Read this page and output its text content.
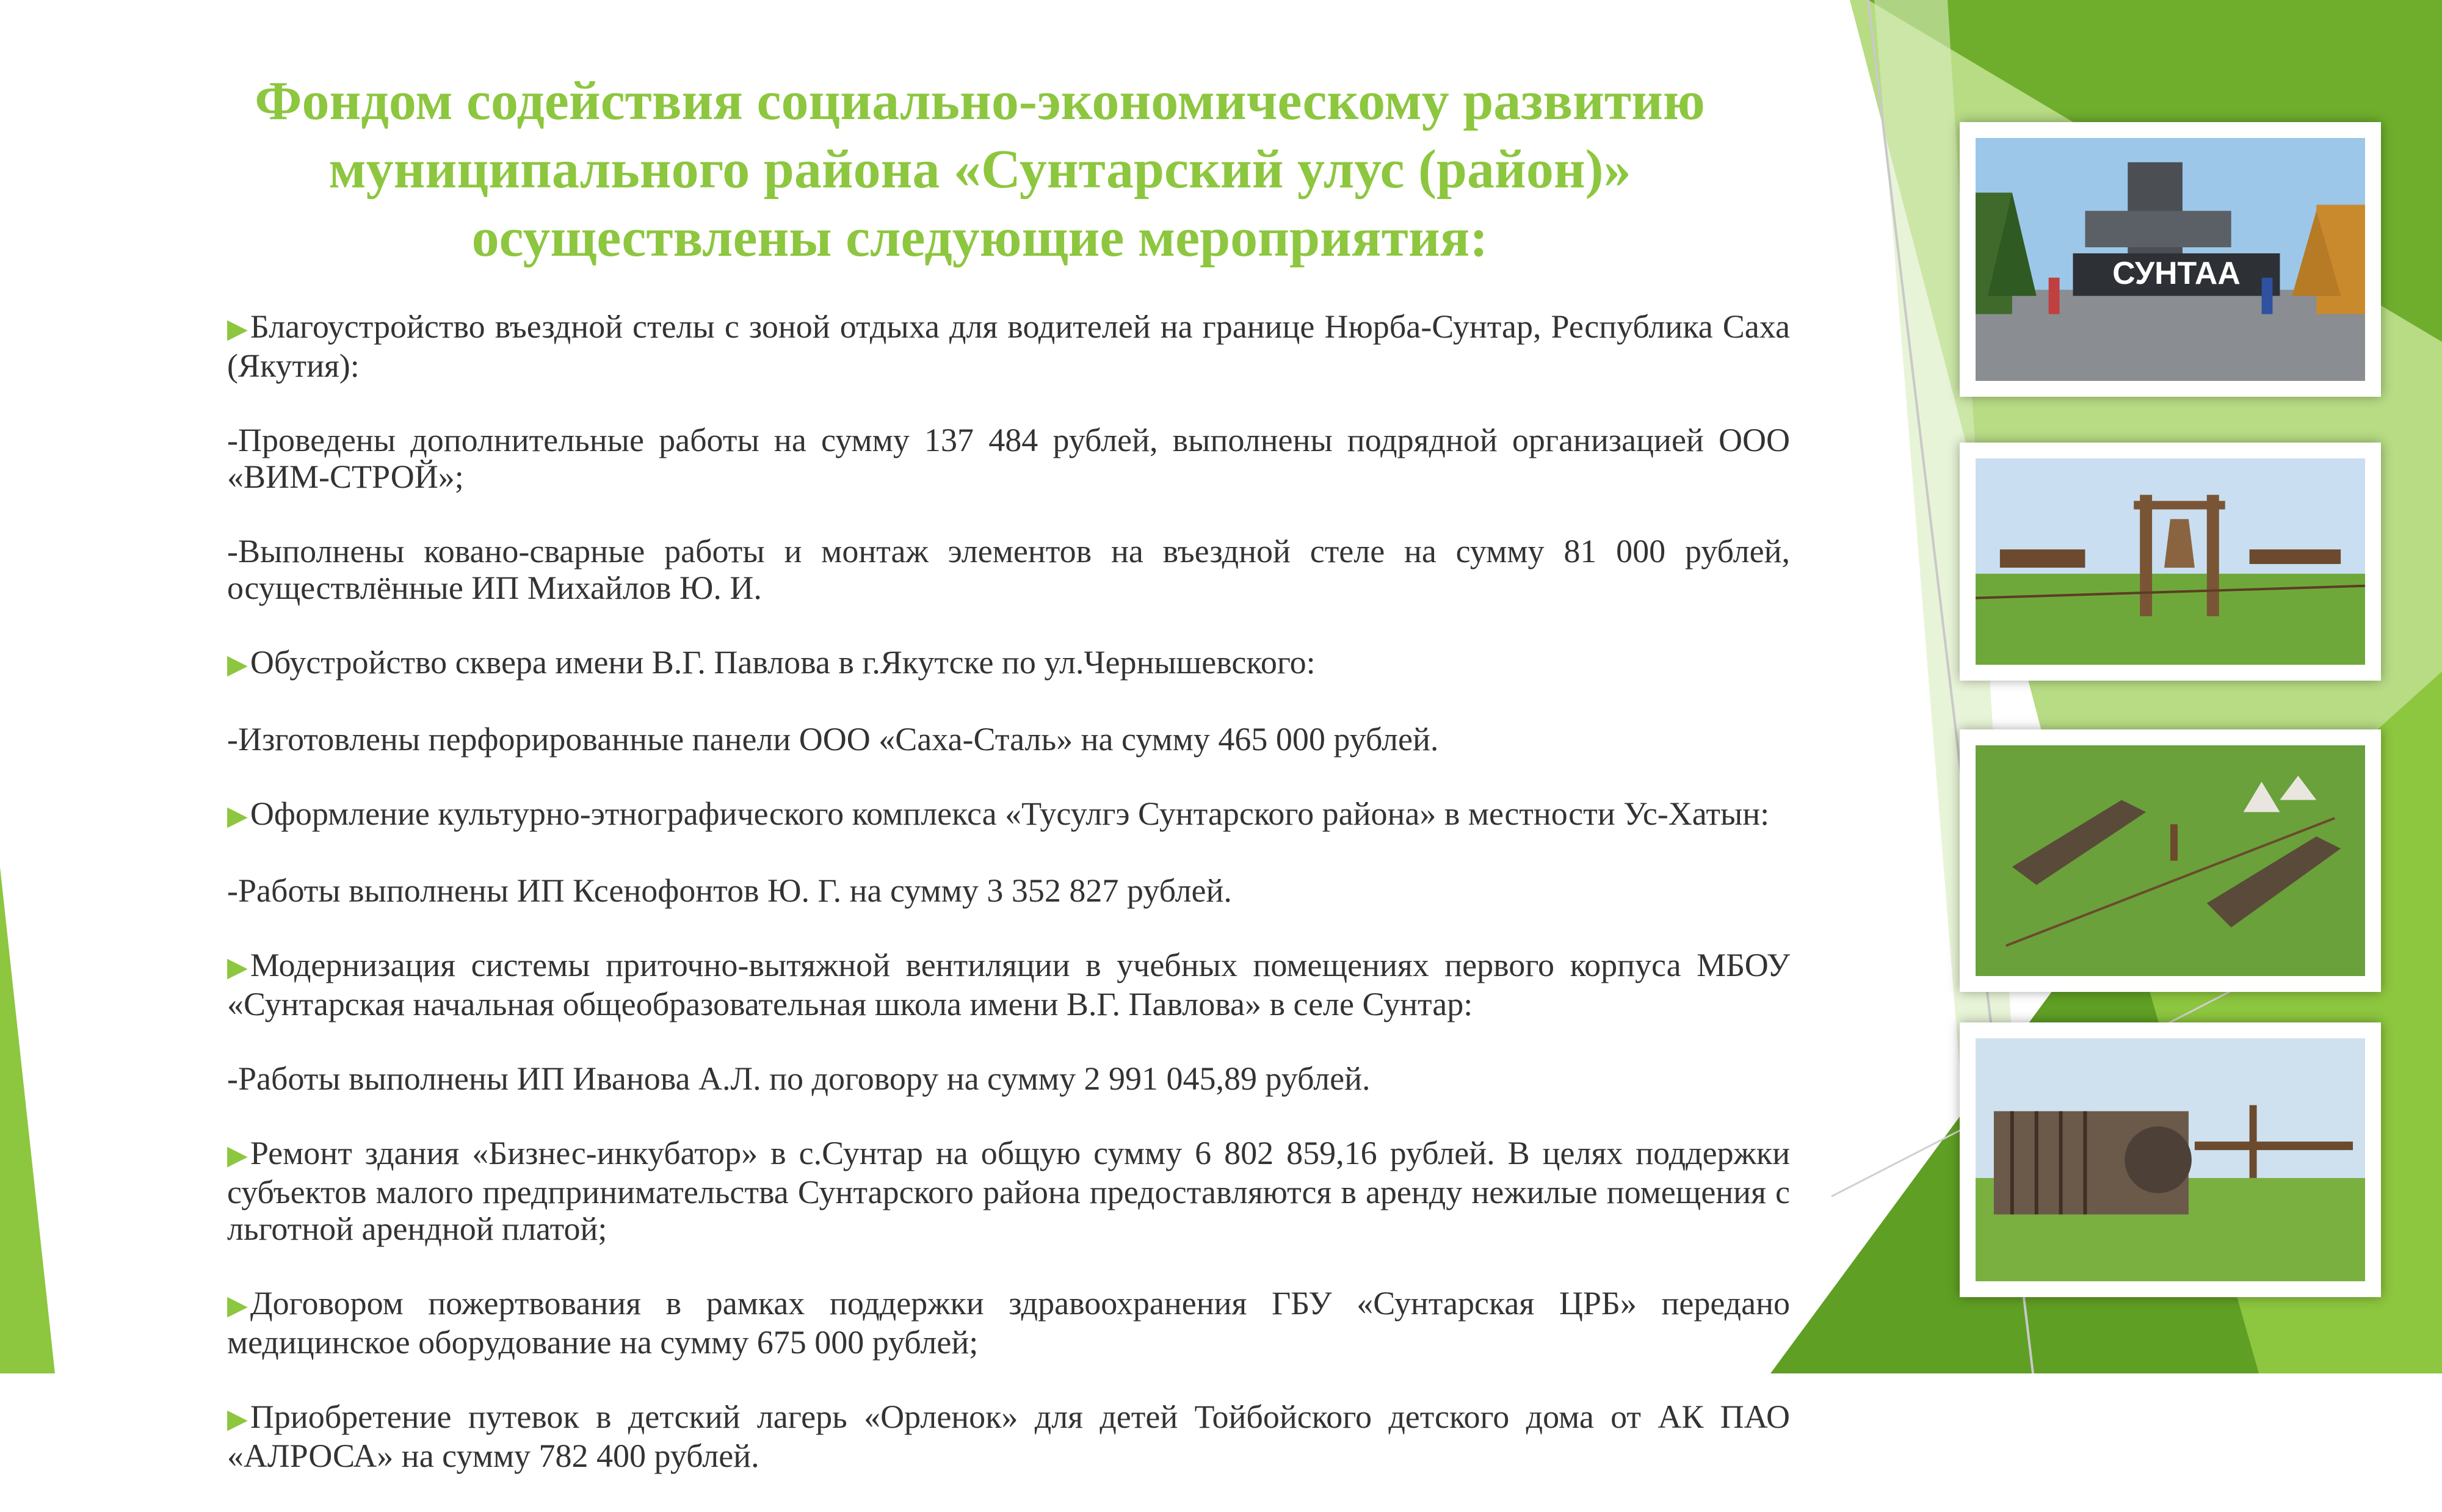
Фондом содействия социально-экономическому развитию
муниципального района «Сунтарский улус (район)»
осуществлены следующие мероприятия:
▶Благоустройство въездной стелы с зоной отдыха для водителей на границе Нюрба-Сунтар, Республика Саха (Якутия):
-Проведены дополнительные работы на сумму 137 484 рублей, выполнены подрядной организацией ООО «ВИМ-СТРОЙ»;
-Выполнены ковано-сварные работы и монтаж элементов на въездной стеле на сумму 81 000 рублей, осуществлённые ИП Михайлов Ю. И.
▶Обустройство сквера имени В.Г. Павлова в г.Якутске по ул.Чернышевского:
-Изготовлены перфорированные панели ООО «Саха-Сталь» на сумму 465 000 рублей.
▶Оформление культурно-этнографического комплекса «Тусулгэ Сунтарского района» в местности Ус-Хатын:
-Работы выполнены ИП Ксенофонтов Ю. Г. на сумму 3 352 827 рублей.
▶Модернизация системы приточно-вытяжной вентиляции в учебных помещениях первого корпуса МБОУ «Сунтарская начальная общеобразовательная школа имени В.Г. Павлова» в селе Сунтар:
-Работы выполнены ИП Иванова А.Л. по договору на сумму 2 991 045,89 рублей.
▶Ремонт здания «Бизнес-инкубатор» в с.Сунтар на общую сумму 6 802 859,16 рублей. В целях поддержки субъектов малого предпринимательства Сунтарского района предоставляются в аренду нежилые помещения с льготной арендной платой;
▶Договором пожертвования в рамках поддержки здравоохранения ГБУ «Сунтарская ЦРБ» передано медицинское оборудование на сумму 675 000 рублей;
▶Приобретение путевок в детский лагерь «Орленок» для детей Тойбойского детского дома от АК ПАО «АЛРОСА» на сумму 782 400 рублей.
СУНТАА
